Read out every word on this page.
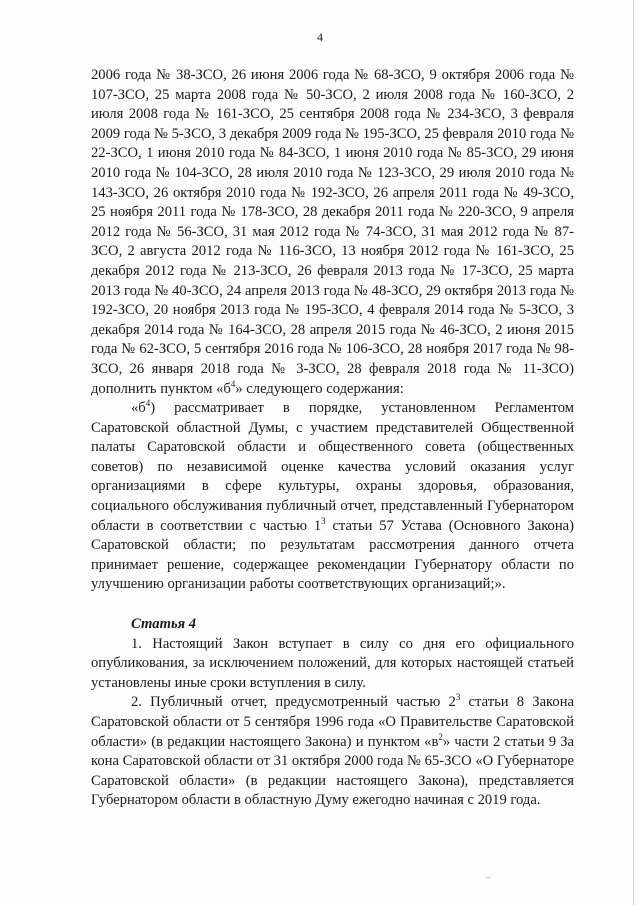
4

2006 года № 38-ЗСО, 26 июня 2006 года № 68-ЗСО, 9 октября 2006 года № 107-ЗСО, 25 марта 2008 года № 50-ЗСО, 2 июля 2008 года № 160-ЗСО, 2 июля 2008 года № 161-ЗСО, 25 сентября 2008 года № 234-ЗСО, 3 февраля 2009 года № 5-ЗСО, 3 декабря 2009 года № 195-ЗСО, 25 февраля 2010 года № 22-ЗСО, 1 июня 2010 года № 84-ЗСО, 1 июня 2010 года № 85-ЗСО, 29 июня 2010 года № 104-ЗСО, 28 июля 2010 года № 123-ЗСО, 29 июля 2010 года № 143-ЗСО, 26 октября 2010 года № 192-ЗСО, 26 апреля 2011 года № 49-ЗСО, 25 ноября 2011 года № 178-ЗСО, 28 декабря 2011 года № 220-ЗСО, 9 апреля 2012 года № 56-ЗСО, 31 мая 2012 года № 74-ЗСО, 31 мая 2012 года № 87-ЗСО, 2 августа 2012 года № 116-ЗСО, 13 ноября 2012 года № 161-ЗСО, 25 декабря 2012 года № 213-ЗСО, 26 февраля 2013 года № 17-ЗСО, 25 марта 2013 года № 40-ЗСО, 24 апреля 2013 года № 48-ЗСО, 29 октября 2013 года № 192-ЗСО, 20 ноября 2013 года № 195-ЗСО, 4 февраля 2014 года № 5-ЗСО, 3 декабря 2014 года № 164-ЗСО, 28 апреля 2015 года № 46-ЗСО, 2 июня 2015 года № 62-ЗСО, 5 сентября 2016 года № 106-ЗСО, 28 ноября 2017 года № 98-ЗСО, 26 января 2018 года № 3-ЗСО, 28 февраля 2018 года № 11-ЗСО) дополнить пунктом «$б^4$» следующего содержания:

«$б^4$) рассматривает в порядке, установленном Регламентом Саратовской областной Думы, с участием представителей Общественной палаты Саратовской области и общественного совета (общественных советов) по независимой оценке качества условий оказания услуг организациями в сфере культуры, охраны здоровья, образования, социального обслуживания публичный отчет, представленный Губернатором области в соответствии с частью $1^3$ статьи 57 Устава (Основного Закона) Саратовской области; по результатам рассмотрения данного отчета принимает решение, содержащее рекомендации Губернатору области по улучшению организации работы соответствующих организаций;».

Статья 4

1. Настоящий Закон вступает в силу со дня его официального опубликования, за исключением положений, для которых настоящей статьей установлены иные сроки вступления в силу.

2. Публичный отчет, предусмотренный частью $2^3$ статьи 8 Закона Саратовской области от 5 сентября 1996 года «О Правительстве Саратовской области» (в редакции настоящего Закона) и пунктом «$в^2$» части 2 статьи 9 За кона Саратовской области от 31 октября 2000 года № 65-ЗСО «О Губернаторе Саратовской области» (в редакции настоящего Закона), представляется Губернатором области в областную Думу ежегодно начиная с 2019 года.

→
